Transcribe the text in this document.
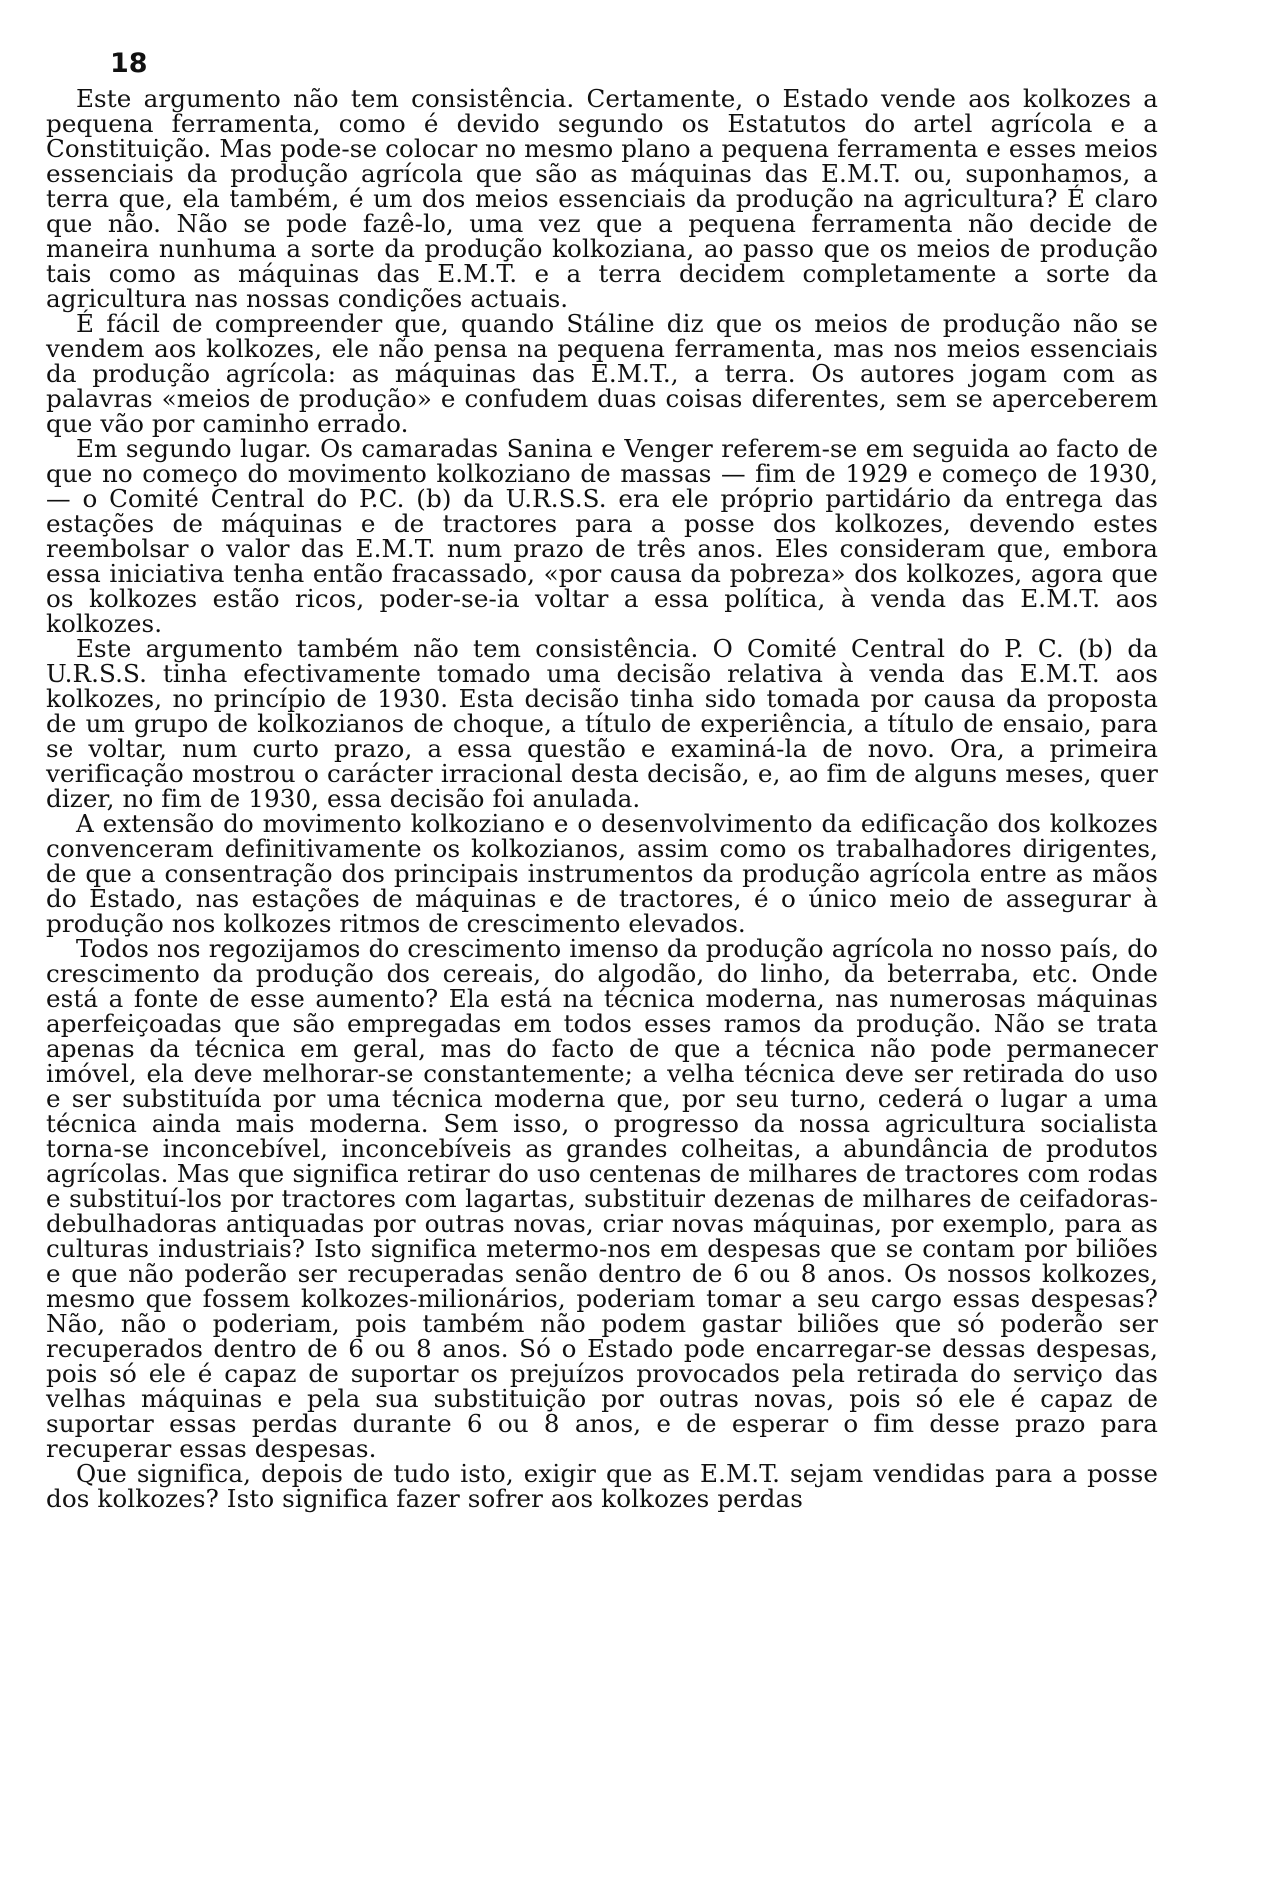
18

Este argumento não tem consistência. Certamente, o Estado vende aos kolkozes a pequena ferramenta, como é devido segundo os Estatutos do artel agrícola e a Constituição. Mas pode-se colocar no mesmo plano a pequena ferramenta e esses meios essenciais da produção agrícola que são as máquinas das E.M.T. ou, suponhamos, a terra que, ela também, é um dos meios essenciais da produção na agricultura? É claro que não. Não se pode fazê-lo, uma vez que a pequena ferramenta não decide de maneira nunhuma a sorte da produção kolkoziana, ao passo que os meios de produção tais como as máquinas das E.M.T. e a terra decidem completamente a sorte da agricultura nas nossas condições actuais.

É fácil de compreender que, quando Stáline diz que os meios de produção não se vendem aos kolkozes, ele não pensa na pequena ferramenta, mas nos meios essenciais da produção agrícola: as máquinas das E.M.T., a terra. Os autores jogam com as palavras «meios de produção» e confudem duas coisas diferentes, sem se aperceberem que vão por caminho errado.

Em segundo lugar. Os camaradas Sanina e Venger referem-se em seguida ao facto de que no começo do movimento kolkoziano de massas — fim de 1929 e começo de 1930, — o Comité Central do P.C. (b) da U.R.S.S. era ele próprio partidário da entrega das estações de máquinas e de tractores para a posse dos kolkozes, devendo estes reembolsar o valor das E.M.T. num prazo de três anos. Eles consideram que, embora essa iniciativa tenha então fracassado, «por causa da pobreza» dos kolkozes, agora que os kolkozes estão ricos, poder-se-ia voltar a essa política, à venda das E.M.T. aos kolkozes.

Este argumento também não tem consistência. O Comité Central do P. C. (b) da U.R.S.S. tinha efectivamente tomado uma decisão relativa à venda das E.M.T. aos kolkozes, no princípio de 1930. Esta decisão tinha sido tomada por causa da proposta de um grupo de kolkozianos de choque, a título de experiência, a título de ensaio, para se voltar, num curto prazo, a essa questão e examiná-la de novo. Ora, a primeira verificação mostrou o carácter irracional desta decisão, e, ao fim de alguns meses, quer dizer, no fim de 1930, essa decisão foi anulada.

A extensão do movimento kolkoziano e o desenvolvimento da edificação dos kolkozes convenceram definitivamente os kolkozianos, assim como os trabalhadores dirigentes, de que a consentração dos principais instrumentos da produção agrícola entre as mãos do Estado, nas estações de máquinas e de tractores, é o único meio de assegurar à produção nos kolkozes ritmos de crescimento elevados.

Todos nos regozijamos do crescimento imenso da produção agrícola no nosso país, do crescimento da produção dos cereais, do algodão, do linho, da beterraba, etc. Onde está a fonte de esse aumento? Ela está na técnica moderna, nas numerosas máquinas aperfeiçoadas que são empregadas em todos esses ramos da produção. Não se trata apenas da técnica em geral, mas do facto de que a técnica não pode permanecer imóvel, ela deve melhorar-se constantemente; a velha técnica deve ser retirada do uso e ser substituída por uma técnica moderna que, por seu turno, cederá o lugar a uma técnica ainda mais moderna. Sem isso, o progresso da nossa agricultura socialista torna-se inconcebível, inconcebíveis as grandes colheitas, a abundância de produtos agrícolas. Mas que significa retirar do uso centenas de milhares de tractores com rodas e substituí-los por tractores com lagartas, substituir dezenas de milhares de ceifadoras-debulhadoras antiquadas por outras novas, criar novas máquinas, por exemplo, para as culturas industriais? Isto significa metermo-nos em despesas que se contam por biliões e que não poderão ser recuperadas senão dentro de 6 ou 8 anos. Os nossos kolkozes, mesmo que fossem kolkozes-milionários, poderiam tomar a seu cargo essas despesas? Não, não o poderiam, pois também não podem gastar biliões que só poderão ser recuperados dentro de 6 ou 8 anos. Só o Estado pode encarregar-se dessas despesas, pois só ele é capaz de suportar os prejuízos provocados pela retirada do serviço das velhas máquinas e pela sua substituição por outras novas, pois só ele é capaz de suportar essas perdas durante 6 ou 8 anos, e de esperar o fim desse prazo para recuperar essas despesas.

Que significa, depois de tudo isto, exigir que as E.M.T. sejam vendidas para a posse dos kolkozes? Isto significa fazer sofrer aos kolkozes perdas
